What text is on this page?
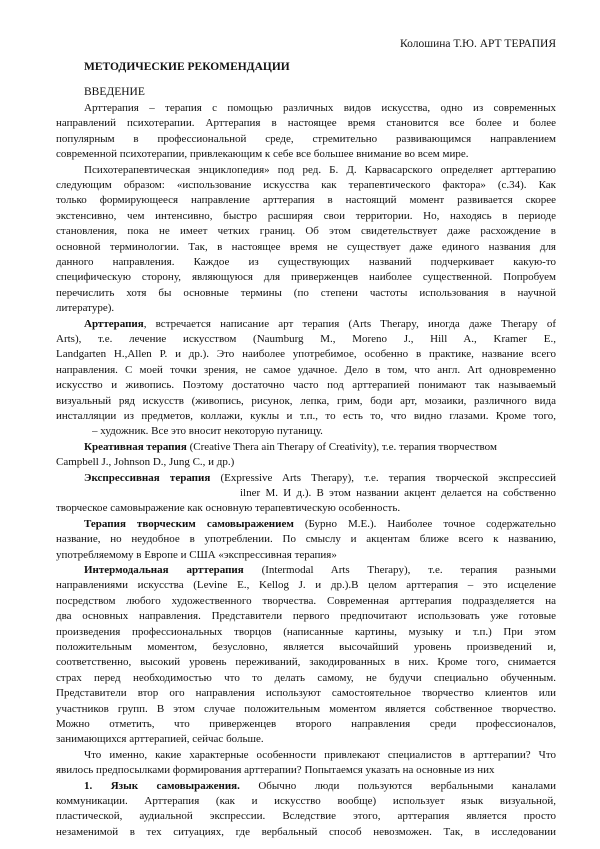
Колошина Т.Ю. АРТ ТЕРАПИЯ
МЕТОДИЧЕСКИЕ РЕКОМЕНДАЦИИ
ВВЕДЕНИЕ
Арттерапия – терапия с помощью различных видов искусства, одно из современных
направлений психотерапии. Арттерапия в настоящее время становится все более и более
популярным в профессиональной среде, стремительно развивающимся направлением
современной психотерапии, привлекающим к себе все большее внимание во всем мире.
Психотерапевтическая энциклопедия» под ред. Б. Д. Карвасарского определяет арттерапию
следующим образом: «использование искусства как терапевтического фактора» (с.34). Как
только формирующееся направление арттерапия в настоящий момент развивается скорее
экстенсивно, чем интенсивно, быстро расширяя свои территории. Но, находясь в периоде
становления, пока не имеет четких границ. Об этом свидетельствует даже расхождение в
основной терминологии. Так, в настоящее время не существует даже единого названия для
данного направления. Каждое из существующих названий подчеркивает какую-то
специфическую сторону, являющуюся для приверженцев наиболее существенной. Попробуем
перечислить хотя бы основные термины (по степени частоты использования в научной
литературе).
Арттерапия, встречается написание арт терапия (Arts Therapy, иногда даже Therapy of
Arts), т.е. лечение искусством (Naumburg M., Moreno J., Hill A., Kramer E.,
Landgarten H.,Allen P. и др.). Это наиболее употребимое, особенно в практике, название всего
направления. С моей точки зрения, не самое удачное. Дело в том, что англ. Art одновременно
искусство и живопись. Поэтому достаточно часто под арттерапией понимают так называемый
визуальный ряд искусств (живопись, рисунок, лепка, грим, боди арт, мозаики, различного вида
инсталляции из предметов, коллажи, куклы и т.п., то есть то, что видно глазами. Кроме того,
– художник. Все это вносит некоторую путаницу.
Креативная терапия (Creative Thera ain Therapy of Creativity), т.е. терапия творчеством
Campbell J., Johnson D., Jung C., и др.)
Экспрессивная терапия (Expressive Arts Therapy), т.е. терапия творческой экспрессией
ilner M. И д.). В этом названии акцент делается на собственно
творческое самовыражение как основную терапевтическую особенность.
Терапия творческим самовыражением (Бурно М.Е.). Наиболее точное содержательно
название, но неудобное в употреблении. По смыслу и акцентам ближе всего к названию,
употребляемому в Европе и США «экспрессивная терапия»
Интермодальная арттерапия (Intermodal Arts Therapy), т.е. терапия разными
направлениями искусства (Levine E., Kellog J. и др.).В целом арттерапия – это исцеление
посредством любого художественного творчества. Современная арттерапия подразделяется на
два основных направления. Представители первого предпочитают использовать уже готовые
произведения профессиональных творцов (написанные картины, музыку и т.п.) При этом
положительным моментом, безусловно, является высочайший уровень произведений и,
соответственно, высокий уровень переживаний, закодированных в них. Кроме того, снимается
страх перед необходимостью что то делать самому, не будучи специально обученным.
Представители втор ого направления используют самостоятельное творчество клиентов или
участников групп. В этом случае положительным моментом является собственное творчество.
Можно отметить, что приверженцев второго направления среди профессионалов,
занимающихся арттерапией, сейчас больше.
Что именно, какие характерные особенности привлекают специалистов в арттерапии? Что
явилось предпосылками формирования арттерапии? Попытаемся указать на основные из них
1. Язык самовыражения. Обычно люди пользуются вербальными каналами
коммуникации. Арттерапия (как и искусство вообще) использует язык визуальной,
пластической, аудиальной экспрессии. Вследствие этого, арттерапия является просто
незаменимой в тех ситуациях, где вербальный способ невозможен. Так, в исследовании
